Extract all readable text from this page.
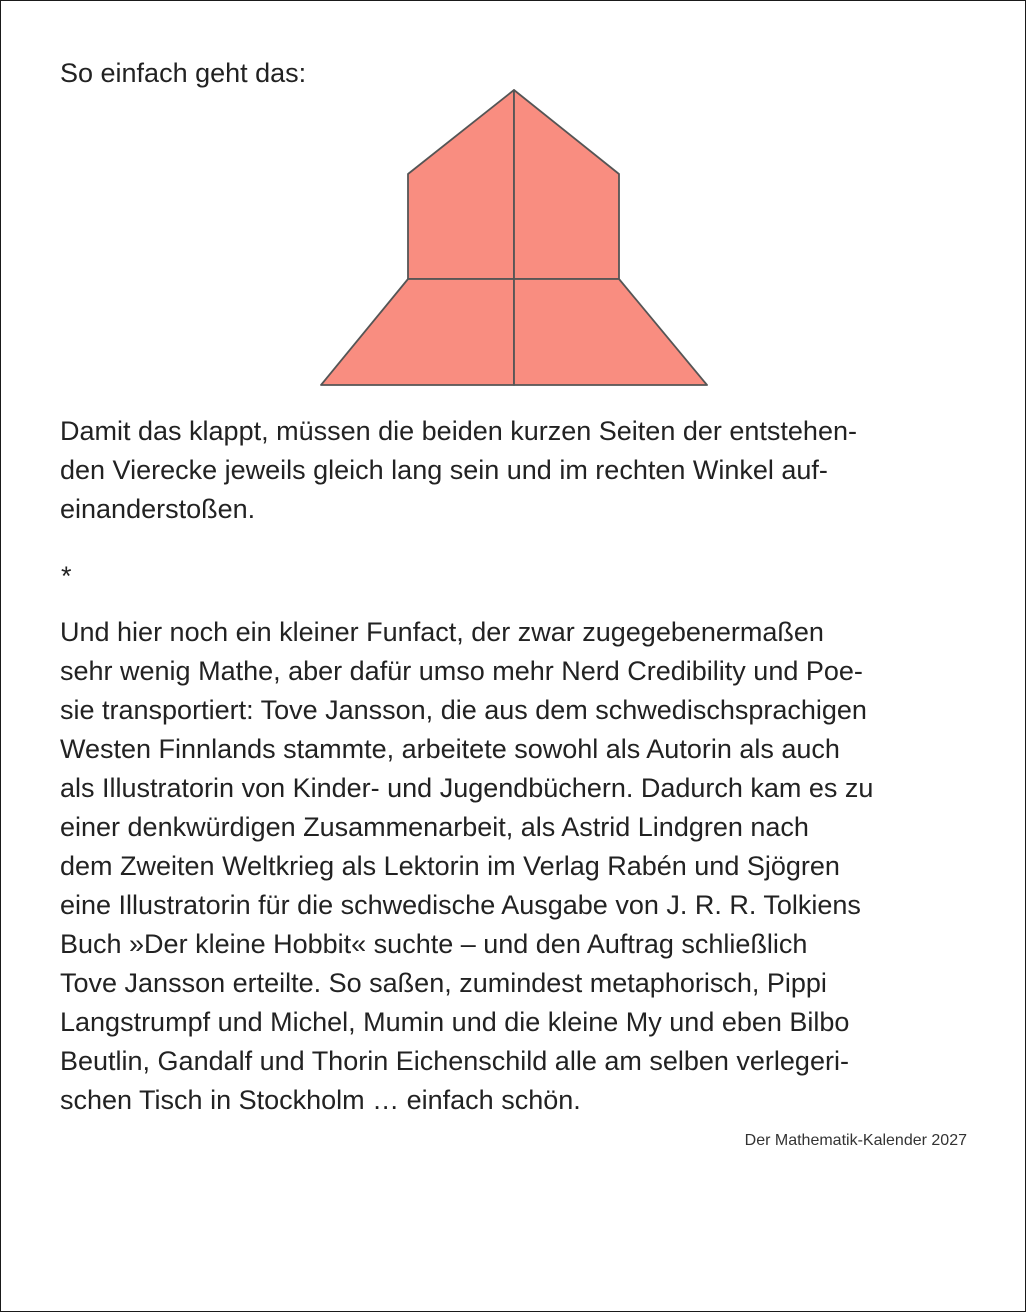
So einfach geht das:

Damit das klappt, müssen die beiden kurzen Seiten der entstehen-

den Vierecke jeweils gleich lang sein und im rechten Winkel auf-

einanderstoßen.

*

Und hier noch ein kleiner Funfact, der zwar zugegebenermaßen

sehr wenig Mathe, aber dafür umso mehr Nerd Credibility und Poe-

sie transportiert: Tove Jansson, die aus dem schwedischsprachigen

Westen Finnlands stammte, arbeitete sowohl als Autorin als auch

als Illustratorin von Kinder- und Jugendbüchern. Dadurch kam es zu

einer denkwürdigen Zusammenarbeit, als Astrid Lindgren nach

dem Zweiten Weltkrieg als Lektorin im Verlag Rabén und Sjögren

eine Illustratorin für die schwedische Ausgabe von J. R. R. Tolkiens

Buch »Der kleine Hobbit« suchte – und den Auftrag schließlich

Tove Jansson erteilte. So saßen, zumindest metaphorisch, Pippi

Langstrumpf und Michel, Mumin und die kleine My und eben Bilbo

Beutlin, Gandalf und Thorin Eichenschild alle am selben verlegeri-

schen Tisch in Stockholm … einfach schön.

Der Mathematik-Kalender 2027
